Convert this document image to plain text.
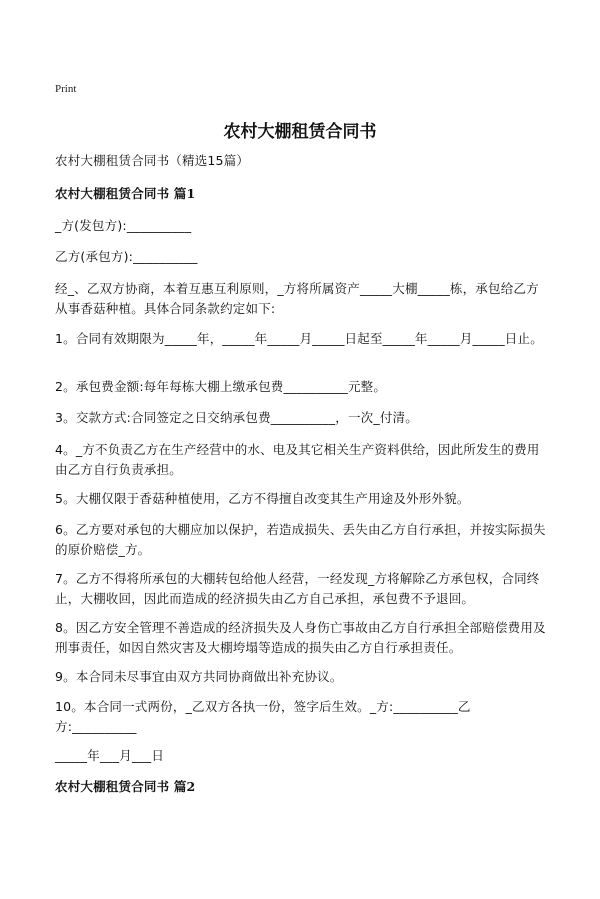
Print
农村大棚租赁合同书
农村大棚租赁合同书（精选15篇）
农村大棚租赁合同书 篇1
_方(发包方):__________
乙方(承包方):__________
经_、乙双方协商，本着互惠互利原则，_方将所属资产_____大棚_____栋，承包给乙方从事香菇种植。具体合同条款约定如下:
1。合同有效期限为_____年，_____年_____月_____日起至_____年_____月_____日止。
2。承包费金额:每年每栋大棚上缴承包费__________元整。
3。交款方式:合同签定之日交纳承包费__________，一次_付清。
4。_方不负责乙方在生产经营中的水、电及其它相关生产资料供给，因此所发生的费用由乙方自行负责承担。
5。大棚仅限于香菇种植使用，乙方不得擅自改变其生产用途及外形外貌。
6。乙方要对承包的大棚应加以保护，若造成损失、丢失由乙方自行承担，并按实际损失的原价赔偿_方。
7。乙方不得将所承包的大棚转包给他人经营，一经发现_方将解除乙方承包权，合同终止，大棚收回，因此而造成的经济损失由乙方自己承担，承包费不予退回。
8。因乙方安全管理不善造成的经济损失及人身伤亡事故由乙方自行承担全部赔偿费用及刑事责任，如因自然灾害及大棚垮塌等造成的损失由乙方自行承担责任。
9。本合同未尽事宜由双方共同协商做出补充协议。
10。本合同一式两份，_乙双方各执一份，签字后生效。_方:__________乙方:__________
_____年___月___日
农村大棚租赁合同书 篇2
